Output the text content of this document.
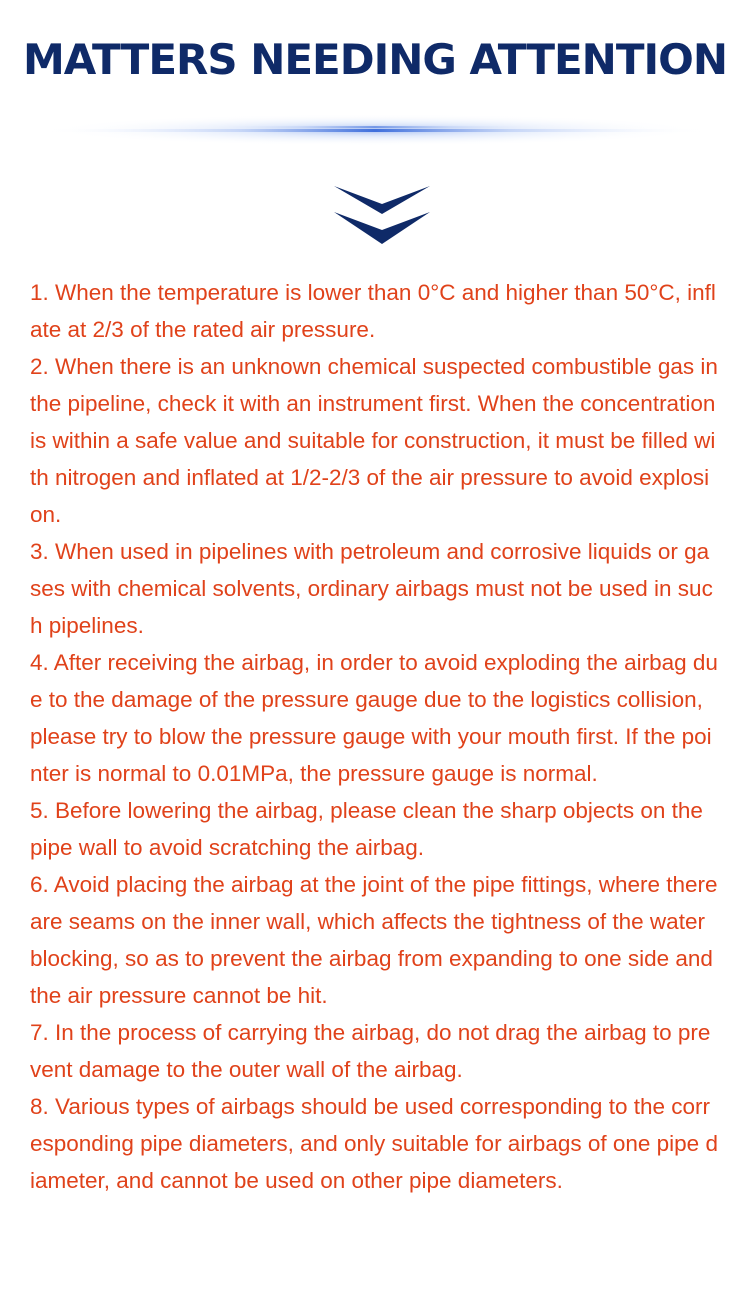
MATTERS NEEDING ATTENTION

1. When the temperature is lower than 0°C and higher than 50°C, inflate at 2/3 of the rated air pressure.

2. When there is an unknown chemical suspected combustible gas in the pipeline, check it with an instrument first. When the concentration is within a safe value and suitable for construction, it must be filled with nitrogen and inflated at 1/2-2/3 of the air pressure to avoid explosion.

3. When used in pipelines with petroleum and corrosive liquids or gases with chemical solvents, ordinary airbags must not be used in such pipelines.

4. After receiving the airbag, in order to avoid exploding the airbag due to the damage of the pressure gauge due to the logistics collision, please try to blow the pressure gauge with your mouth first. If the pointer is normal to 0.01MPa, the pressure gauge is normal.

5. Before lowering the airbag, please clean the sharp objects on the pipe wall to avoid scratching the airbag.

6. Avoid placing the airbag at the joint of the pipe fittings, where there are seams on the inner wall, which affects the tightness of the water blocking, so as to prevent the airbag from expanding to one side and the air pressure cannot be hit.

7. In the process of carrying the airbag, do not drag the airbag to prevent damage to the outer wall of the airbag.

8. Various types of airbags should be used corresponding to the corresponding pipe diameters, and only suitable for airbags of one pipe diameter, and cannot be used on other pipe diameters.
